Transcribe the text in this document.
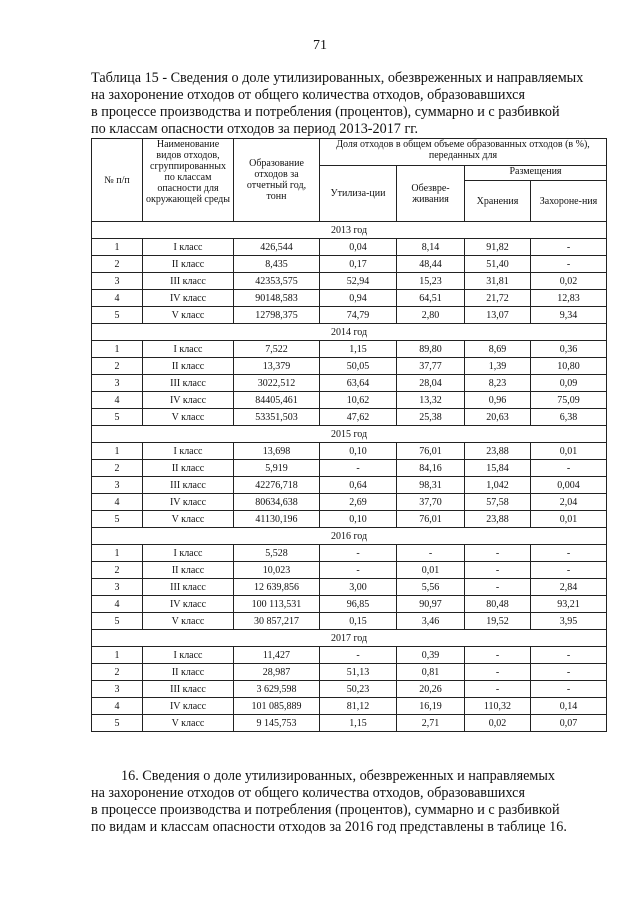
71
Таблица 15 - Сведения о доле утилизированных, обезвреженных и направляемых
на захоронение отходов от общего количества отходов, образовавшихся
в процессе производства и потребления (процентов), суммарно и с разбивкой
по классам опасности отходов за период 2013-2017 гг.
№ п/п	Наименование видов отходов, сгруппированных по классам опасности для окружающей среды	Образование отходов за отчетный год, тонн	Доля отходов в общем объеме образованных отходов (в %), переданных для			
			Утилиза-ции	Обезвре-живания	Размещения	
					Хранения	Захороне-ния
2013 год						
1	I класс	426,544	0,04	8,14	91,82	-
2	II класс	8,435	0,17	48,44	51,40	-
3	III класс	42353,575	52,94	15,23	31,81	0,02
4	IV класс	90148,583	0,94	64,51	21,72	12,83
5	V класс	12798,375	74,79	2,80	13,07	9,34
2014 год						
1	I класс	7,522	1,15	89,80	8,69	0,36
2	II класс	13,379	50,05	37,77	1,39	10,80
3	III класс	3022,512	63,64	28,04	8,23	0,09
4	IV класс	84405,461	10,62	13,32	0,96	75,09
5	V класс	53351,503	47,62	25,38	20,63	6,38
2015 год						
1	I класс	13,698	0,10	76,01	23,88	0,01
2	II класс	5,919	-	84,16	15,84	-
3	III класс	42276,718	0,64	98,31	1,042	0,004
4	IV класс	80634,638	2,69	37,70	57,58	2,04
5	V класс	41130,196	0,10	76,01	23,88	0,01
2016 год						
1	I класс	5,528	-	-	-	-
2	II класс	10,023	-	0,01	-	-
3	III класс	12 639,856	3,00	5,56	-	2,84
4	IV класс	100 113,531	96,85	90,97	80,48	93,21
5	V класс	30 857,217	0,15	3,46	19,52	3,95
2017 год						
1	I класс	11,427	-	0,39	-	-
2	II класс	28,987	51,13	0,81	-	-
3	III класс	3 629,598	50,23	20,26	-	-
4	IV класс	101 085,889	81,12	16,19	110,32	0,14
5	V класс	9 145,753	1,15	2,71	0,02	0,07
16. Сведения о доле утилизированных, обезвреженных и направляемых
на захоронение отходов от общего количества отходов, образовавшихся
в процессе производства и потребления (процентов), суммарно и с разбивкой
по видам и классам опасности отходов за 2016 год представлены в таблице 16.
